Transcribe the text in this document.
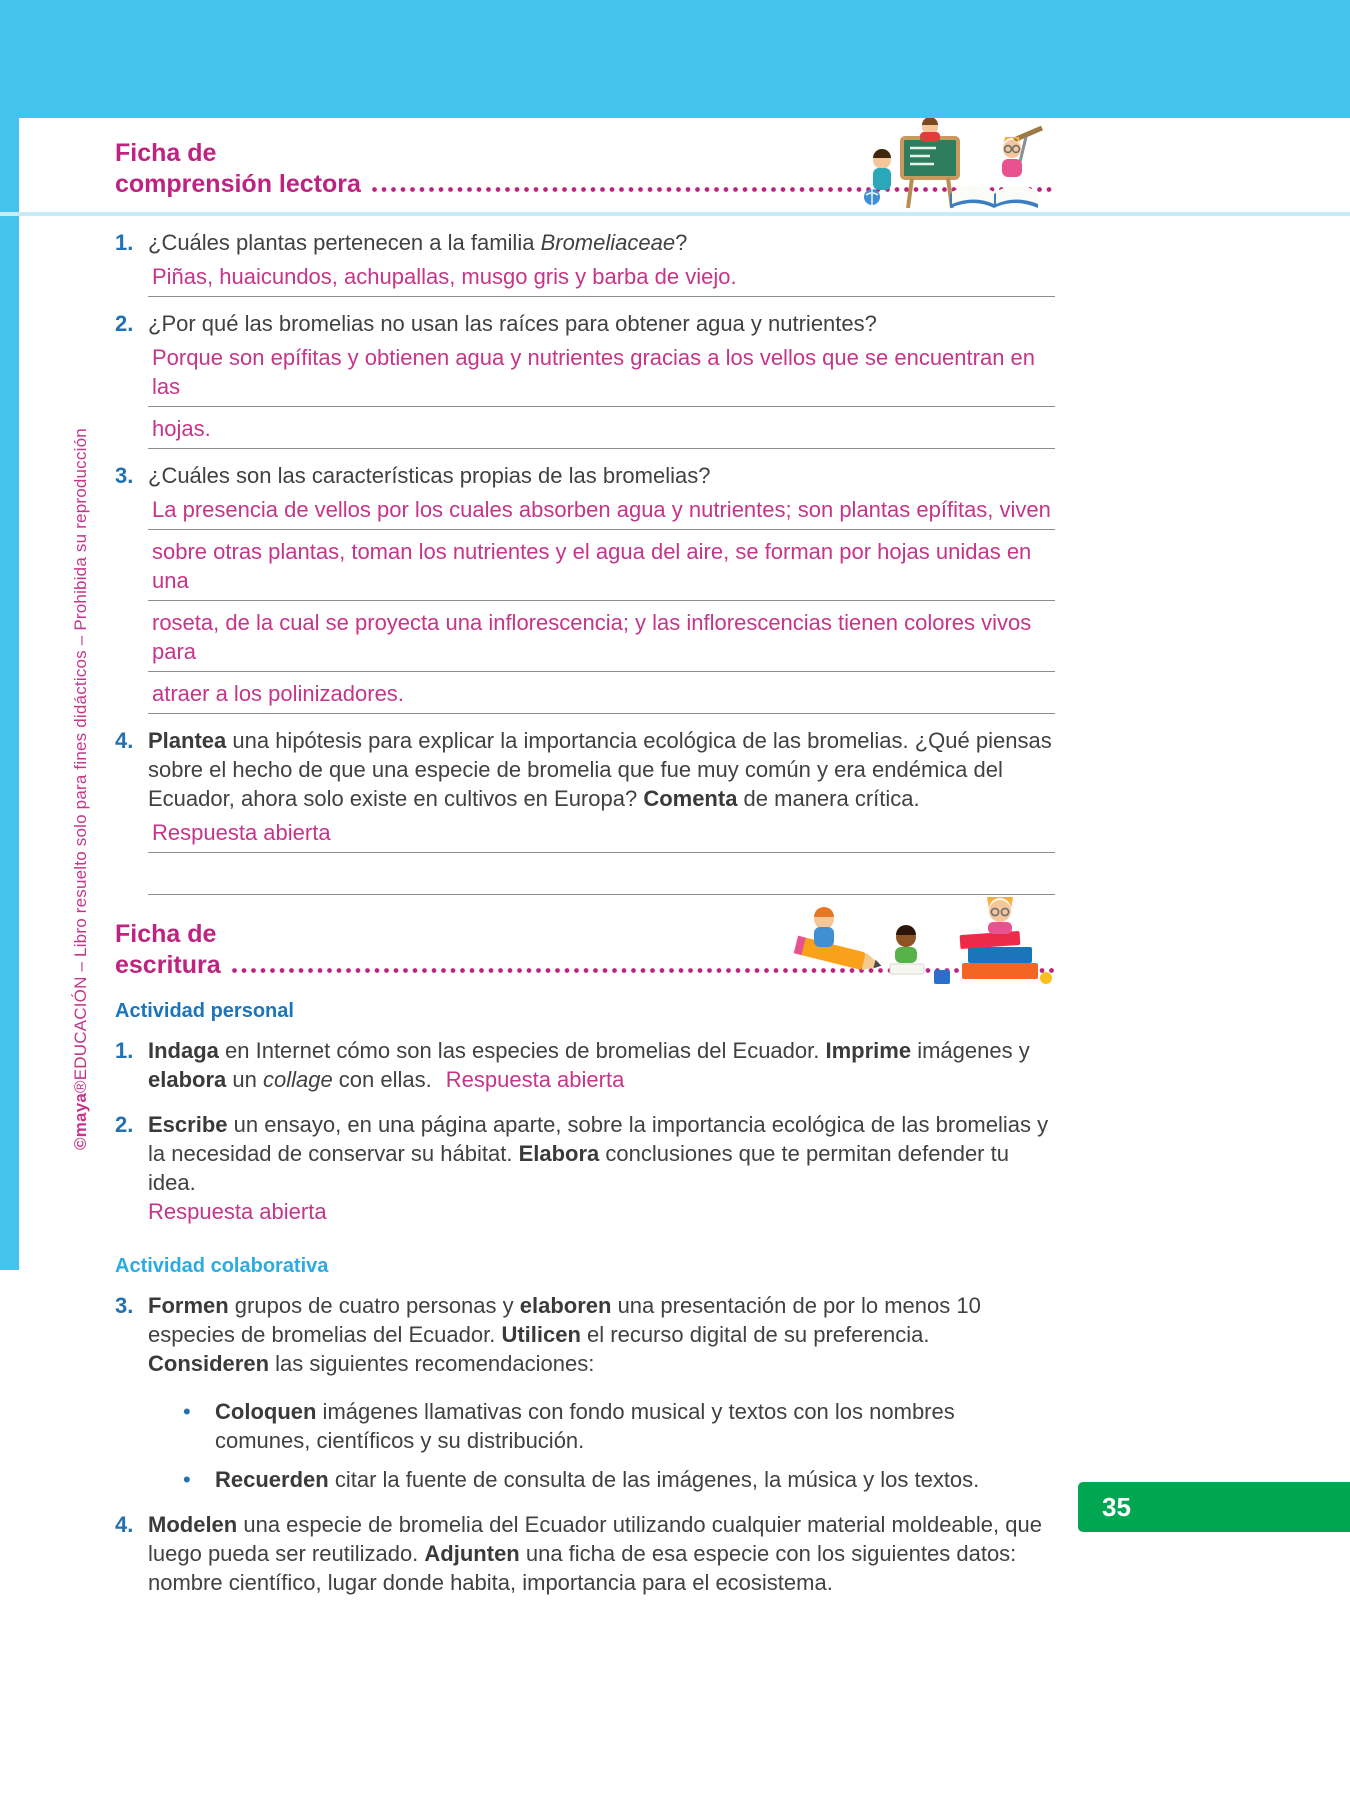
Ficha de
comprensión lectora
1. ¿Cuáles plantas pertenecen a la familia Bromeliaceae?
Piñas, huaicundos, achupallas, musgo gris y barba de viejo.
2. ¿Por qué las bromelias no usan las raíces para obtener agua y nutrientes?
Porque son epífitas y obtienen agua y nutrientes gracias a los vellos que se encuentran en las
hojas.
3. ¿Cuáles son las características propias de las bromelias?
La presencia de vellos por los cuales absorben agua y nutrientes; son plantas epífitas, viven
sobre otras plantas, toman los nutrientes y el agua del aire, se forman por hojas unidas en una
roseta, de la cual se proyecta una inflorescencia; y las inflorescencias tienen colores vivos para
atraer a los polinizadores.
4. Plantea una hipótesis para explicar la importancia ecológica de las bromelias. ¿Qué piensas sobre el hecho de que una especie de bromelia que fue muy común y era endémica del Ecuador, ahora solo existe en cultivos en Europa? Comenta de manera crítica.
Respuesta abierta
Ficha de
escritura
Actividad personal
1. Indaga en Internet cómo son las especies de bromelias del Ecuador. Imprime imágenes y elabora un collage con ellas. Respuesta abierta
2. Escribe un ensayo, en una página aparte, sobre la importancia ecológica de las bromelias y la necesidad de conservar su hábitat. Elabora conclusiones que te permitan defender tu idea.
Respuesta abierta
Actividad colaborativa
3. Formen grupos de cuatro personas y elaboren una presentación de por lo menos 10 especies de bromelias del Ecuador. Utilicen el recurso digital de su preferencia. Consideren las siguientes recomendaciones:
•	Coloquen imágenes llamativas con fondo musical y textos con los nombres comunes, científicos y su distribución.
•	Recuerden citar la fuente de consulta de las imágenes, la música y los textos.
4. Modelen una especie de bromelia del Ecuador utilizando cualquier material moldeable, que luego pueda ser reutilizado. Adjunten una ficha de esa especie con los siguientes datos: nombre científico, lugar donde habita, importancia para el ecosistema.
©maya®EDUCACIÓN – Libro resuelto solo para fines didácticos – Prohibida su reproducción
35
